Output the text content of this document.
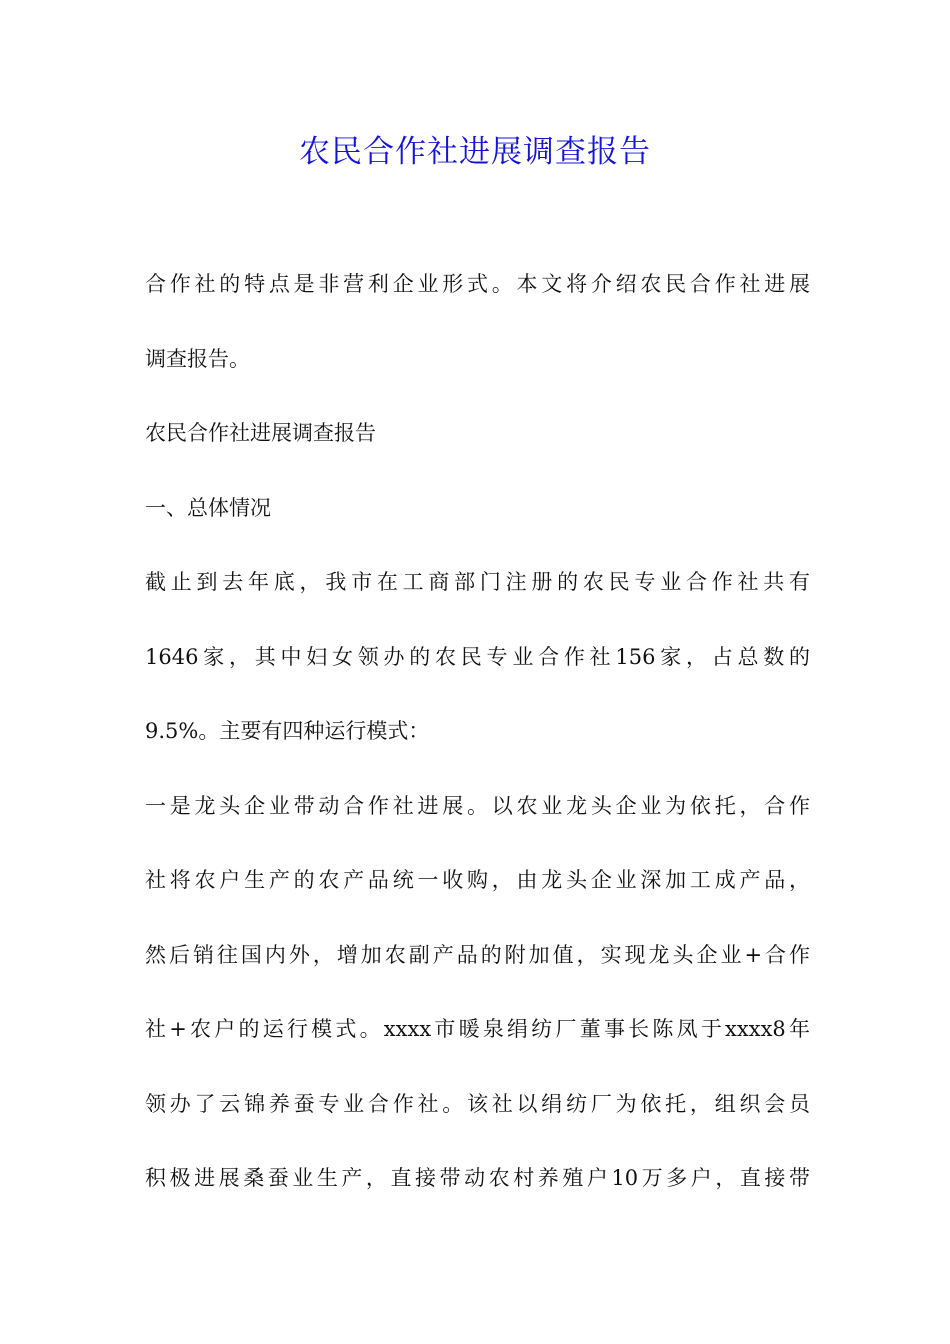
农民合作社进展调查报告
合作社的特点是非营利企业形式。本文将介绍农民合作社进展
调查报告。
农民合作社进展调查报告
一、总体情况
截止到去年底，我市在工商部门注册的农民专业合作社共有
1646家，其中妇女领办的农民专业合作社156家，占总数的
9.5%。主要有四种运行模式：
一是龙头企业带动合作社进展。以农业龙头企业为依托，合作
社将农户生产的农产品统一收购，由龙头企业深加工成产品，
然后销往国内外，增加农副产品的附加值，实现龙头企业+合作
社+农户的运行模式。xxxx市暖泉绢纺厂董事长陈凤于xxxx8年
领办了云锦养蚕专业合作社。该社以绢纺厂为依托，组织会员
积极进展桑蚕业生产，直接带动农村养殖户10万多户，直接带
